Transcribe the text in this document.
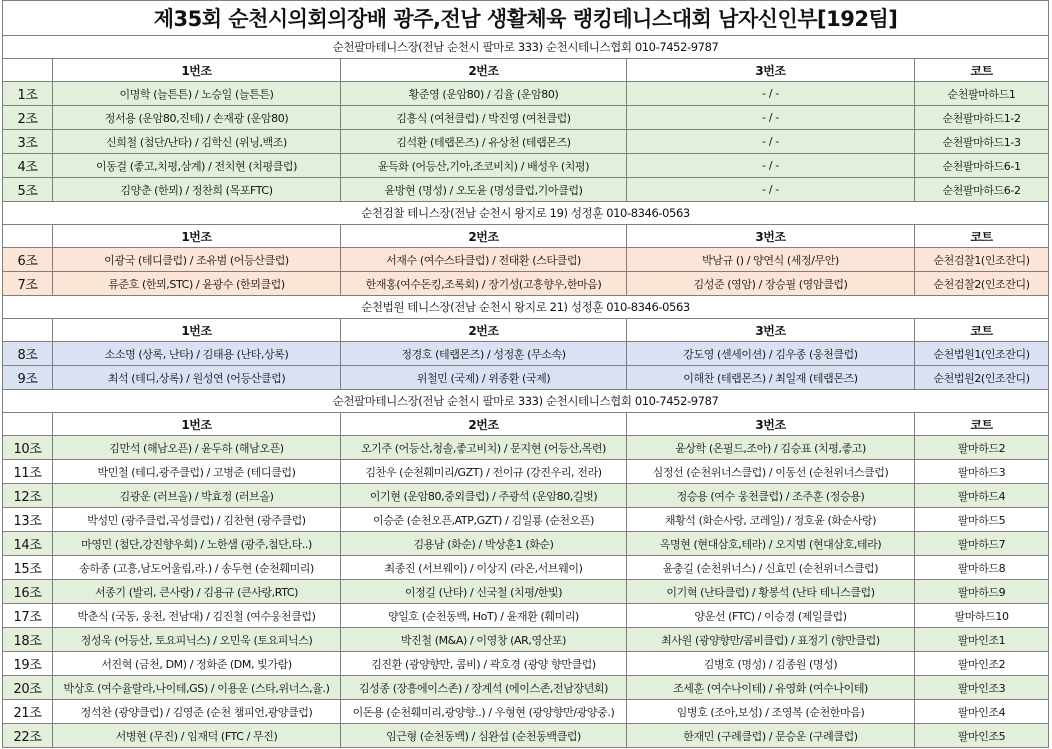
제35회 순천시의회의장배 광주,전남 생활체육 랭킹테니스대회 남자신인부[192팀]				
순천팔마테니스장(전남 순천시 팔마로 333) 순천시테니스협회 010-7452-9787				
	1번조	2번조	3번조	코트
1조	이명학 (늘튼튼) / 노승일 (늘튼튼)	황준영 (운암80) / 김율 (운암80)	- / -	순천팔마하드1
2조	정서용 (운암80,진테) / 손재광 (운암80)	김흥식 (여천클럽) / 박진영 (여천클럽)	- / -	순천팔마하드1-2
3조	신희철 (첨단/난타) / 김학신 (위닝,백조)	김석환 (테랩몬즈) / 유상천 (테랩몬즈)	- / -	순천팔마하드1-3
4조	이동걸 (좋고,치평,삼계) / 전치현 (치평클럽)	윤득화 (어등산,기아,조코비치) / 배성우 (치평)	- / -	순천팔마하드6-1
5조	김양춘 (한뫼) / 정찬희 (목포FTC)	윤방현 (명성) / 오도윤 (명성클럽,기아클럽)	- / -	순천팔마하드6-2
순천검찰 테니스장(전남 순천시 왕지로 19) 성정훈 010-8346-0563				
	1번조	2번조	3번조	코트
6조	이광국 (테디클럽) / 조유범 (어등산클럽)	서재수 (여수스타클럽) / 전태환 (스타클럽)	박남규 () / 양연식 (세정/무안)	순천검찰1(인조잔디)
7조	류준호 (한뫼,STC) / 윤광수 (한뫼클럽)	한재홍(여수돈킹,조록회) / 장기성(고흥향우,한마음)	김성준 (영암) / 장승필 (영암클럽)	순천검찰2(인조잔디)
순천법원 테니스장(전남 순천시 왕지로 21) 성정훈 010-8346-0563				
	1번조	2번조	3번조	코트
8조	소소명 (상록, 난타) / 김태용 (난타,상록)	정경호 (테랩몬즈) / 성정훈 (무소속)	강도영 (센세이션) / 김우종 (웅천클럽)	순천법원1(인조잔디)
9조	최석 (테디,상록) / 원성연 (어등산클럽)	위철민 (국제) / 위종환 (국제)	이해찬 (테랩몬즈) / 최일재 (테랩몬즈)	순천법원2(인조잔디)
순천팔마테니스장(전남 순천시 팔마로 333) 순천시테니스협회 010-7452-9787				
	1번조	2번조	3번조	코트
10조	김만석 (해남오픈) / 윤두하 (해남오픈)	오기주 (어등산,청솔,좋고비치) / 문지현 (어등산,목련)	윤상학 (온필드,조아) / 김승표 (치평,좋고)	팔마하드2
11조	박민철 (테디,광주클럽) / 고병준 (테디클럽)	김찬우 (순천훼미리/GZT) / 전이규 (강진우리, 전라)	심정선 (순천위너스클럽) / 이동선 (순천위너스클럽)	팔마하드3
12조	김광운 (러브올) / 박효정 (러브올)	이기현 (운암80,중외클럽) / 주광석 (운암80,길벗)	정승용 (여수 웅천클럽) / 조주훈 (정승용)	팔마하드4
13조	박성민 (광주클럽,곡성클럽) / 김찬현 (광주클럽)	이승준 (순천오픈,ATP,GZT) / 김일룡 (순천오픈)	채황석 (화순사랑, 코레일) / 정호윤 (화순사랑)	팔마하드5
14조	마영민 (첨단,강진향우회) / 노한샘 (광주,첨단,타..)	김용남 (화순) / 박상훈1 (화순)	옥명현 (현대삼호,테라) / 오지범 (현대삼호,테라)	팔마하드7
15조	송하종 (고흥,남도어울림,라.) / 송두현 (순천훼미리)	최종진 (서브웨이) / 이상지 (라온,서브웨이)	윤충길 (순천위너스) / 신효민 (순천위너스클럽)	팔마하드8
16조	서종기 (발리, 큰사랑) / 김용규 (큰사랑,RTC)	이정길 (난타) / 신국철 (치평/한빛)	이기혁 (난타클럽) / 황봉석 (난타 테니스클럽)	팔마하드9
17조	박춘식 (국동, 웅천, 전남대) / 김진철 (여수웅천클럽)	양일호 (순천동백, HoT) / 윤재환 (훼미리)	양운선 (FTC) / 이승경 (제일클럽)	팔마하드10
18조	정성욱 (어등산, 토요피닉스) / 오민욱 (토요피닉스)	박진철 (M&A) / 이영창 (AR,영산포)	최사원 (광양향만/콤비클럽) / 표정기 (향만클럽)	팔마인조1
19조	서진혁 (금천, DM) / 정화준 (DM, 빛가람)	김진환 (광양향만, 콤비) / 곽호경 (광양 향만클럽)	김병호 (명성) / 김종원 (명성)	팔마인조2
20조	박상호 (여수율랄라,나이테,GS) / 이용운 (스타,위너스,율.)	김성종 (장흥에이스존) / 장계석 (에이스존,전남장년회)	조세훈 (여수나이테) / 유영화 (여수나이테)	팔마인조3
21조	정석찬 (광양클럽) / 김영준 (순천 챔피언,광양클럽)	이돈용 (순천훼미리,광양향..) / 우형현 (광양향만/광양중.)	임병호 (조아,보성) / 조영복 (순천한마음)	팔마인조4
22조	서병현 (무진) / 임재덕 (FTC / 무진)	임근형 (순천동백) / 심완섭 (순천동백클럽)	한재민 (구례클럽) / 문승운 (구례클럽)	팔마인조5
